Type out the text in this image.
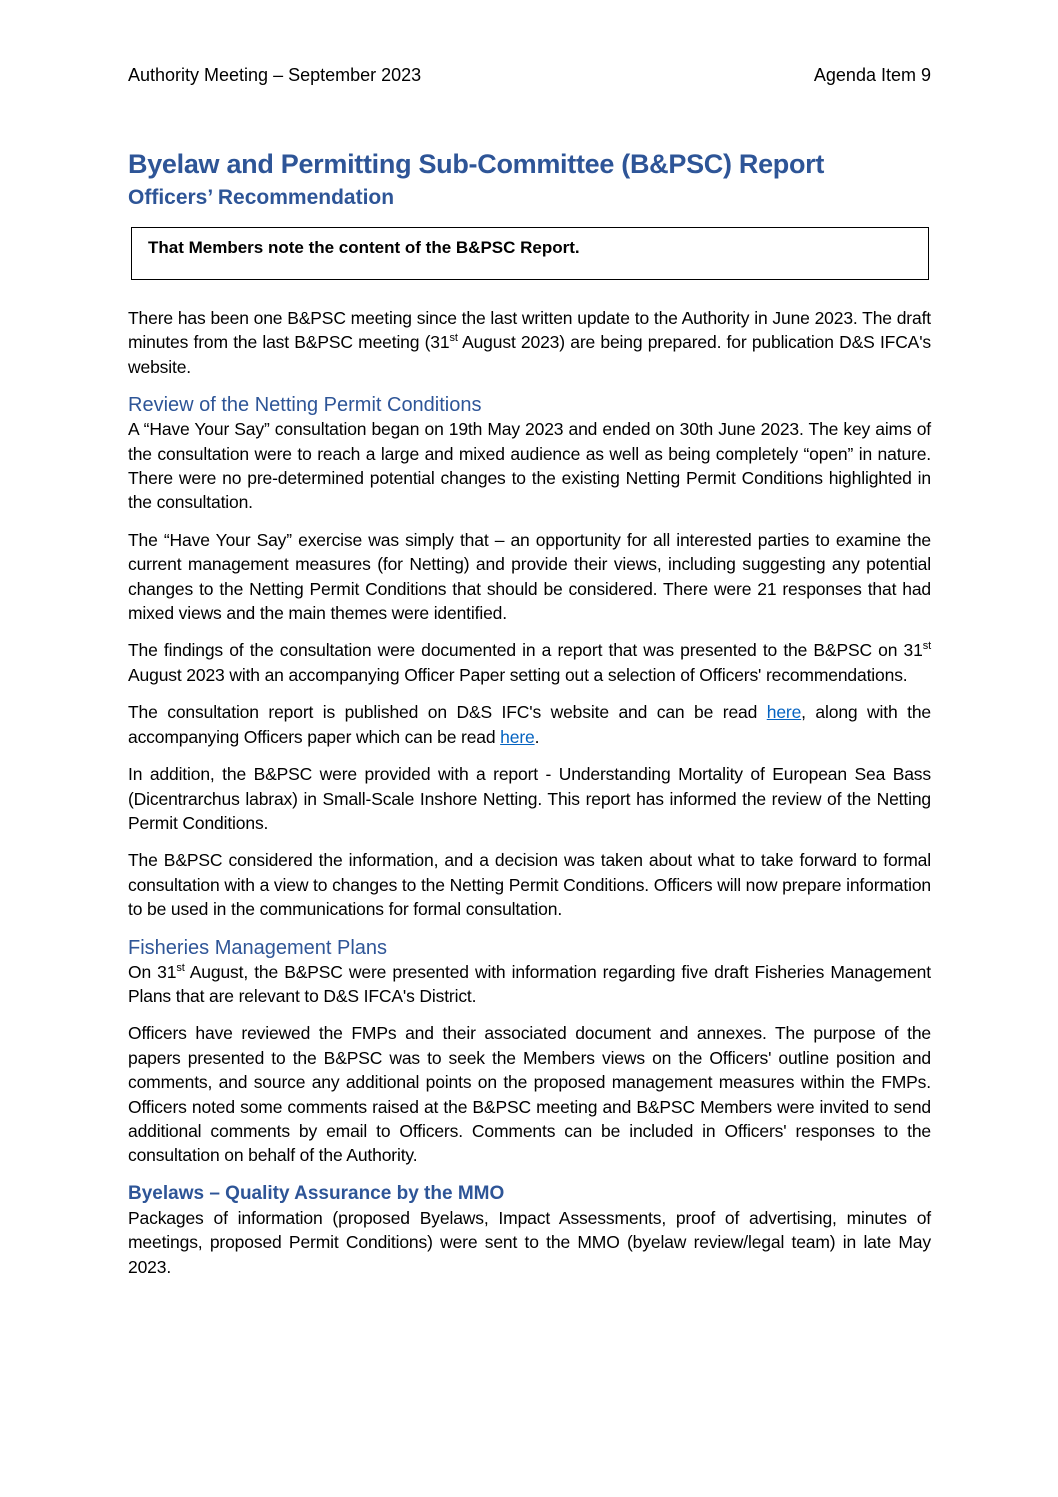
Authority Meeting – September 2023	Agenda Item 9
Byelaw and Permitting Sub-Committee (B&PSC) Report
Officers’ Recommendation
That Members note the content of the B&PSC Report.

There has been one B&PSC meeting since the last written update to the Authority in June 2023. The draft minutes from the last B&PSC meeting (31st August 2023) are being prepared. for publication D&S IFCA's website.

Review of the Netting Permit Conditions

A “Have Your Say” consultation began on 19th May 2023 and ended on 30th June 2023. The key aims of the consultation were to reach a large and mixed audience as well as being completely “open” in nature. There were no pre-determined potential changes to the existing Netting Permit Conditions highlighted in the consultation.

The “Have Your Say” exercise was simply that – an opportunity for all interested parties to examine the current management measures (for Netting) and provide their views, including suggesting any potential changes to the Netting Permit Conditions that should be considered. There were 21 responses that had mixed views and the main themes were identified.

The findings of the consultation were documented in a report that was presented to the B&PSC on 31st August 2023 with an accompanying Officer Paper setting out a selection of Officers' recommendations.

The consultation report is published on D&S IFC's website and can be read here, along with the accompanying Officers paper which can be read here.

In addition, the B&PSC were provided with a report - Understanding Mortality of European Sea Bass (Dicentrarchus labrax) in Small-Scale Inshore Netting. This report has informed the review of the Netting Permit Conditions.

The B&PSC considered the information, and a decision was taken about what to take forward to formal consultation with a view to changes to the Netting Permit Conditions. Officers will now prepare information to be used in the communications for formal consultation.

Fisheries Management Plans

On 31st August, the B&PSC were presented with information regarding five draft Fisheries Management Plans that are relevant to D&S IFCA's District.

Officers have reviewed the FMPs and their associated document and annexes. The purpose of the papers presented to the B&PSC was to seek the Members views on the Officers' outline position and comments, and source any additional points on the proposed management measures within the FMPs. Officers noted some comments raised at the B&PSC meeting and B&PSC Members were invited to send additional comments by email to Officers. Comments can be included in Officers' responses to the consultation on behalf of the Authority.

Byelaws – Quality Assurance by the MMO

Packages of information (proposed Byelaws, Impact Assessments, proof of advertising, minutes of meetings, proposed Permit Conditions) were sent to the MMO (byelaw review/legal team) in late May 2023.
